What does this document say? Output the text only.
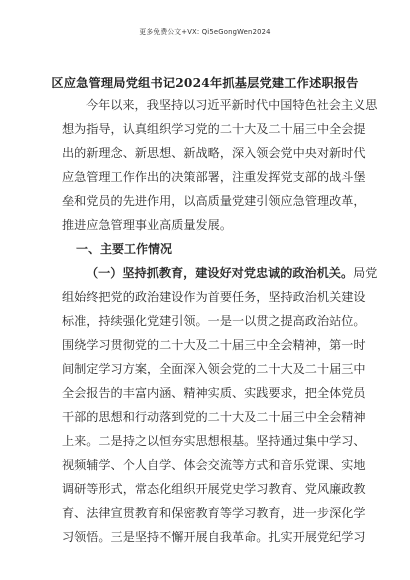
更多免费公文+VX: Qi5eGongWen2024
区应急管理局党组书记2024年抓基层党建工作述职报告
今年以来，我坚持以习近平新时代中国特色社会主义思
想为指导，认真组织学习党的二十大及二十届三中全会提
出的新理念、新思想、新战略，深入领会党中央对新时代
应急管理工作作出的决策部署，注重发挥党支部的战斗堡
垒和党员的先进作用，以高质量党建引领应急管理改革，
推进应急管理事业高质量发展。
一、主要工作情况
（一）坚持抓教育，建设好对党忠诚的政治机关。局党
组始终把党的政治建设作为首要任务，坚持政治机关建设
标准，持续强化党建引领。一是一以贯之提高政治站位。
围绕学习贯彻党的二十大及二十届三中全会精神，第一时
间制定学习方案，全面深入领会党的二十大及二十届三中
全会报告的丰富内涵、精神实质、实践要求，把全体党员
干部的思想和行动落到党的二十大及二十届三中全会精神
上来。二是持之以恒夯实思想根基。坚持通过集中学习、
视频辅学、个人自学、体会交流等方式和音乐党课、实地
调研等形式，常态化组织开展党史学习教育、党风廉政教
育、法律宣贯教育和保密教育等学习教育，进一步深化学
习领悟。三是坚持不懈开展自我革命。扎实开展党纪学习
